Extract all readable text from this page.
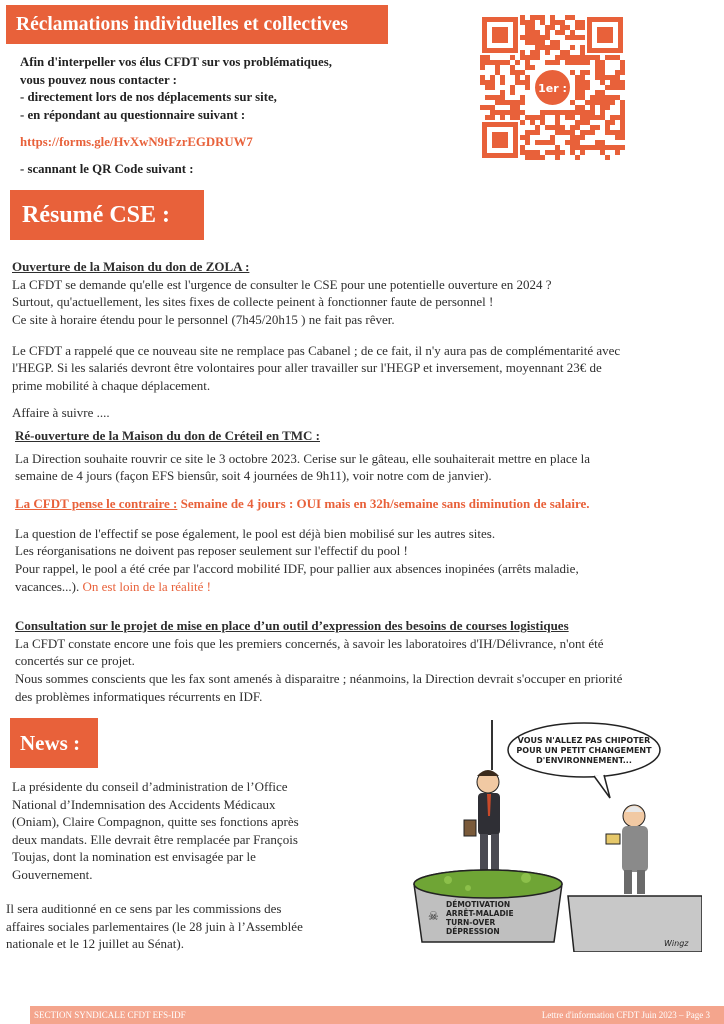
Réclamations individuelles et collectives
Afin d'interpeller vos élus CFDT sur vos problématiques,
vous pouvez nous contacter :
- directement lors de nos déplacements sur site,
- en répondant au questionnaire suivant :
https://forms.gle/HvXwN9tFzrEGDRUW7
- scannant le QR Code suivant :
1er :
Résumé CSE :

Ouverture de la Maison du don de ZOLA :

La CFDT se demande qu'elle est l'urgence de consulter le CSE pour une potentielle ouverture en 2024 ?

Surtout, qu'actuellement, les sites fixes de collecte peinent à fonctionner faute de personnel !

Ce site à horaire étendu pour le personnel (7h45/20h15 ) ne fait pas rêver.

Le CFDT a rappelé que ce nouveau site ne remplace pas Cabanel ; de ce fait, il n'y aura pas de complémentarité avec

l'HEGP. Si les salariés devront être volontaires pour aller travailler sur l'HEGP et inversement, moyennant 23€ de

prime mobilité à chaque déplacement.

Affaire à suivre ....

Ré-ouverture de la Maison du don de Créteil en TMC :

La Direction souhaite rouvrir ce site le 3 octobre 2023. Cerise sur le gâteau, elle souhaiterait mettre en place la

semaine de 4 jours (façon EFS biensûr, soit 4 journées de 9h11), voir notre com de janvier).

La CFDT pense le contraire : Semaine de 4 jours : OUI mais en 32h/semaine sans diminution de salaire.

La question de l'effectif se pose également, le pool est déjà bien mobilisé sur les autres sites.

Les réorganisations ne doivent pas reposer seulement sur l'effectif du pool !

Pour rappel, le pool a été crée par l'accord mobilité IDF, pour pallier aux absences inopinées (arrêts maladie,

vacances...). On est loin de la réalité !

Consultation sur le projet de mise en place d’un outil d’expression des besoins de courses logistiques

La CFDT constate encore une fois que les premiers concernés, à savoir les laboratoires d'IH/Délivrance, n'ont été

concertés sur ce projet.

Nous sommes conscients que les fax sont amenés à disparaitre ; néanmoins, la Direction devrait s'occuper en priorité

des problèmes informatiques récurrents en IDF.

News :
La présidente du conseil d’administration de l’Office
National d’Indemnisation des Accidents Médicaux
(Oniam), Claire Compagnon, quitte ses fonctions après
deux mandats. Elle devrait être remplacée par François
Toujas, dont la nomination est envisagée par le
Gouvernement.
Il sera auditionné en ce sens par les commissions des
affaires sociales parlementaires (le 28 juin à l’Assemblée
nationale et le 12 juillet au Sénat).
VOUS N'ALLEZ PAS CHIPOTER
POUR UN PETIT CHANGEMENT
D'ENVIRONNEMENT...
☠
DÉMOTIVATION
ARRÊT-MALADIE
TURN-OVER
DÉPRESSION
Wingz
SECTION SYNDICALE CFDT EFS-IDF	Lettre d'information CFDT Juin 2023 – Page 3
